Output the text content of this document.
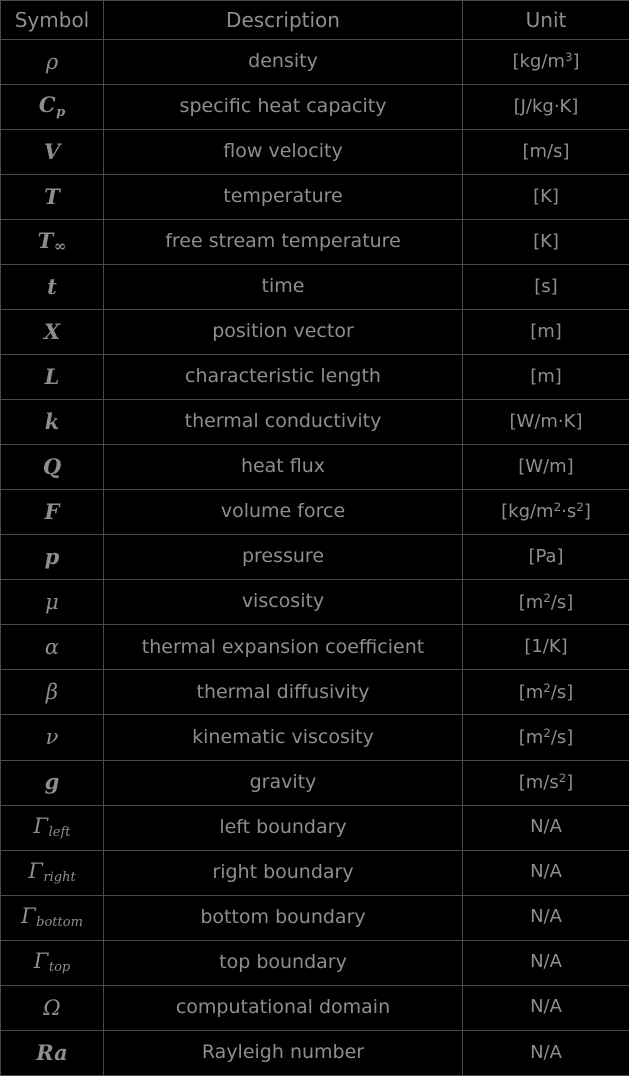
Symbol	Description	Unit
ρ	density	$[kg/m^3]$
$C_p$	specific heat capacity	[J/kg·K]
V	flow velocity	[m/s]
T	temperature	[K]
T∞	free stream temperature	[K]
t	time	[s]
X	position vector	[m]
L	characteristic length	[m]
k	thermal conductivity	[W/m·K]
Q	heat flux	[W/m]
F	volume force	$[kg/m^2\cdot s^2]$
p	pressure	[Pa]
μ	viscosity	$[m^2/s]$
α	thermal expansion coefficient	[1/K]
β	thermal diffusivity	$[m^2/s]$
ν	kinematic viscosity	$[m^2/s]$
g	gravity	$[m/s^2]$
$\Gamma_{left}$	left boundary	N/A
$\Gamma_{right}$	right boundary	N/A
$\Gamma_{bottom}$	bottom boundary	N/A
$\Gamma_{top}$	top boundary	N/A
Ω	computational domain	N/A
Ra	Rayleigh number	N/A
